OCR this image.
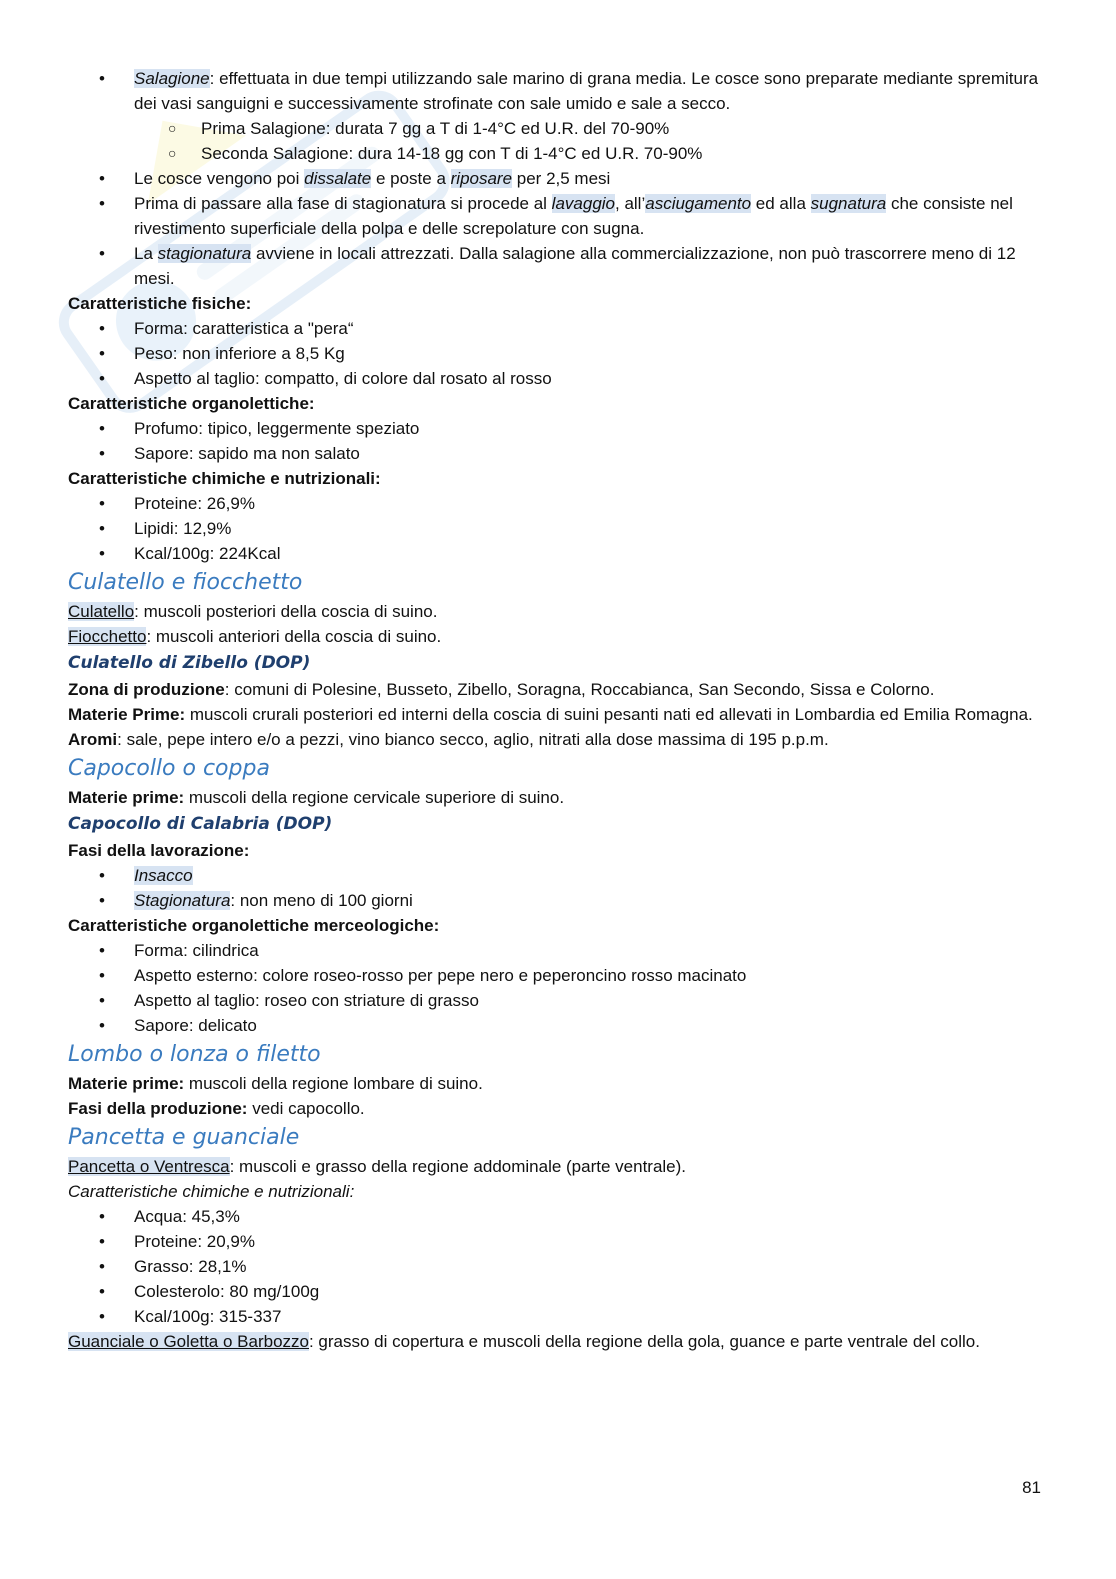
• Salagione: effettuata in due tempi utilizzando sale marino di grana media. Le cosce sono preparate mediante spremitura dei vasi sanguigni e successivamente strofinate con sale umido e sale a secco.
○ Prima Salagione: durata 7 gg a T di 1-4°C ed U.R. del 70-90%
○ Seconda Salagione: dura 14-18 gg con T di 1-4°C ed U.R. 70-90%
• Le cosce vengono poi dissalate e poste a riposare per 2,5 mesi
• Prima di passare alla fase di stagionatura si procede al lavaggio, all’asciugamento ed alla sugnatura che consiste nel rivestimento superficiale della polpa e delle screpolature con sugna.
• La stagionatura avviene in locali attrezzati. Dalla salagione alla commercializzazione, non può trascorrere meno di 12 mesi.

Caratteristiche fisiche:

• Forma: caratteristica a "pera“
• Peso: non inferiore a 8,5 Kg
• Aspetto al taglio: compatto, di colore dal rosato al rosso

Caratteristiche organolettiche:

• Profumo: tipico, leggermente speziato
• Sapore: sapido ma non salato

Caratteristiche chimiche e nutrizionali:

• Proteine: 26,9%
• Lipidi: 12,9%
• Kcal/100g: 224Kcal

Culatello e fiocchetto

Culatello: muscoli posteriori della coscia di suino.

Fiocchetto: muscoli anteriori della coscia di suino.

Culatello di Zibello (DOP)

Zona di produzione: comuni di Polesine, Busseto, Zibello, Soragna, Roccabianca, San Secondo, Sissa e Colorno.

Materie Prime: muscoli crurali posteriori ed interni della coscia di suini pesanti nati ed allevati in Lombardia ed Emilia Romagna.

Aromi: sale, pepe intero e/o a pezzi, vino bianco secco, aglio, nitrati alla dose massima di 195 p.p.m.

Capocollo o coppa

Materie prime: muscoli della regione cervicale superiore di suino.

Capocollo di Calabria (DOP)

Fasi della lavorazione:

• Insacco
• Stagionatura: non meno di 100 giorni

Caratteristiche organolettiche merceologiche:

• Forma: cilindrica
• Aspetto esterno: colore roseo-rosso per pepe nero e peperoncino rosso macinato
• Aspetto al taglio: roseo con striature di grasso
• Sapore: delicato

Lombo o lonza o filetto

Materie prime: muscoli della regione lombare di suino.

Fasi della produzione: vedi capocollo.

Pancetta e guanciale

Pancetta o Ventresca: muscoli e grasso della regione addominale (parte ventrale).

Caratteristiche chimiche e nutrizionali:

• Acqua: 45,3%
• Proteine: 20,9%
• Grasso: 28,1%
• Colesterolo: 80 mg/100g
• Kcal/100g: 315-337

Guanciale o Goletta o Barbozzo: grasso di copertura e muscoli della regione della gola, guance e parte ventrale del collo.

81
